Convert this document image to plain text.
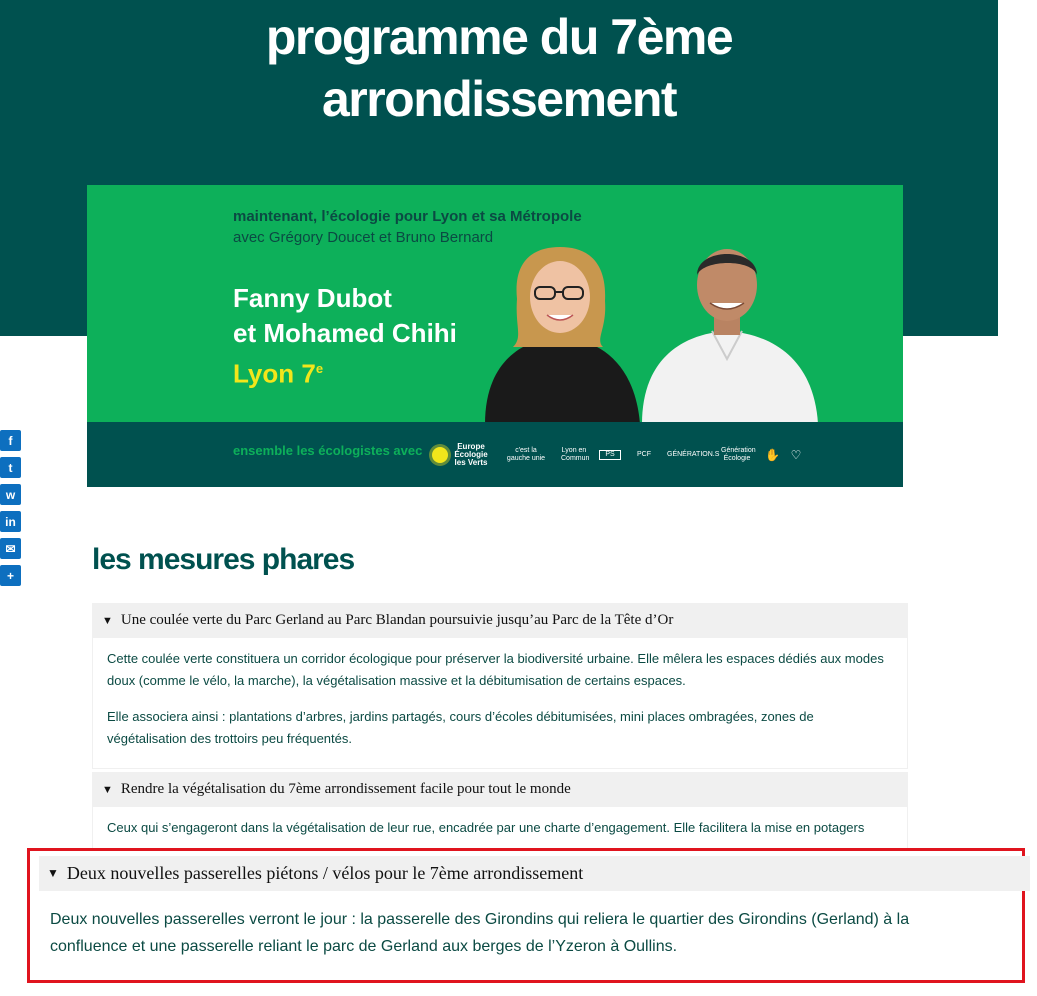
programme du 7ème
arrondissement
maintenant, l’écologie pour Lyon et sa Métropole
avec Grégory Doucet et Bruno Bernard
Fanny Dubot
et Mohamed Chihi
Lyon 7e
ensemble les écologistes avec	Europe Écologie les Verts
c'est la gauche unie
Lyon en Commun
PS	PCF	GÉNÉRATION.S
Génération Écologie ✋ ♡
f
t
w
in
✉
+	les mesures phares
▼ Une coulée verte du Parc Gerland au Parc Blandan poursuivie jusqu’au Parc de la Tête d’Or

Cette coulée verte constituera un corridor écologique pour préserver la biodiversité urbaine. Elle mêlera les espaces dédiés aux modes doux (comme le vélo, la marche), la végétalisation massive et la débitumisation de certains espaces.

Elle associera ainsi : plantations d’arbres, jardins partagés, cours d’écoles débitumisées, mini places ombragées, zones de végétalisation des trottoirs peu fréquentés.

▼ Rendre la végétalisation du 7ème arrondissement facile pour tout le monde

Ceux qui s’engageront dans la végétalisation de leur rue, encadrée par une charte d’engagement. Elle facilitera la mise en potagers

▼ Deux nouvelles passerelles piétons / vélos pour le 7ème arrondissement

Deux nouvelles passerelles verront le jour : la passerelle des Girondins qui reliera le quartier des Girondins (Gerland) à la confluence et une passerelle reliant le parc de Gerland aux berges de l’Yzeron à Oullins.
